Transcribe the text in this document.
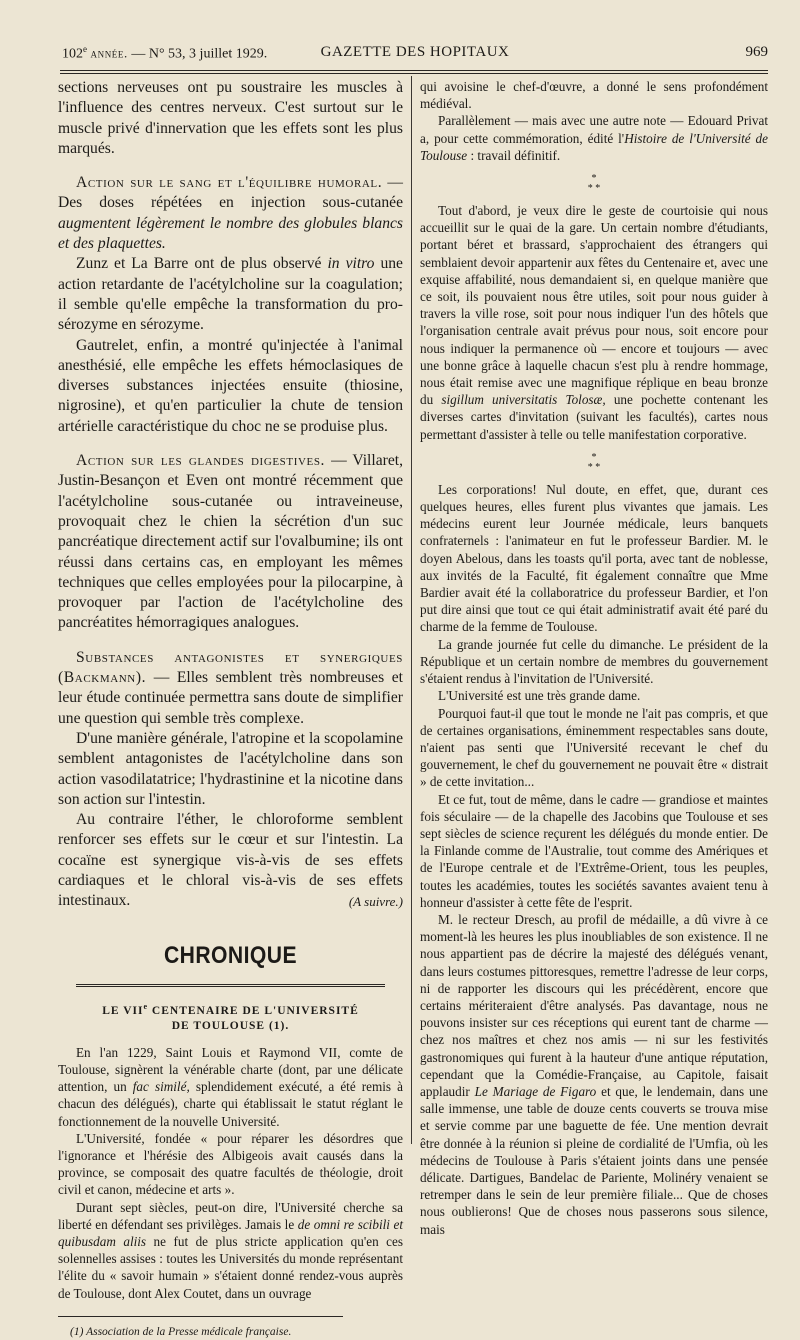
102e année. — N° 53, 3 juillet 1929.	GAZETTE DES HOPITAUX	969

sections nerveuses ont pu soustraire les muscles à l'influence des centres nerveux. C'est surtout sur le muscle privé d'innervation que les effets sont les plus marqués.

Action sur le sang et l'équilibre humoral. — Des doses répétées en injection sous-cutanée augmentent légèrement le nombre des globules blancs et des plaquettes.

Zunz et La Barre ont de plus observé in vitro une action retardante de l'acétylcholine sur la coagulation; il semble qu'elle empêche la transformation du pro-sérozyme en sérozyme.

Gautrelet, enfin, a montré qu'injectée à l'animal anesthésié, elle empêche les effets hémoclasiques de diverses substances injectées ensuite (thiosine, nigrosine), et qu'en particulier la chute de tension artérielle caractéristique du choc ne se produise plus.

Action sur les glandes digestives. — Villaret, Justin-Besançon et Even ont montré récemment que l'acétylcholine sous-cutanée ou intraveineuse, provoquait chez le chien la sécrétion d'un suc pancréatique directement actif sur l'ovalbumine; ils ont réussi dans certains cas, en employant les mêmes techniques que celles employées pour la pilocarpine, à provoquer par l'action de l'acétylcholine des pancréatites hémorragiques analogues.

Substances antagonistes et synergiques (Backmann). — Elles semblent très nombreuses et leur étude continuée permettra sans doute de simplifier une question qui semble très complexe.

D'une manière générale, l'atropine et la scopolamine semblent antagonistes de l'acétylcholine dans son action vasodilatatrice; l'hydrastinine et la nicotine dans son action sur l'intestin.

Au contraire l'éther, le chloroforme semblent renforcer ses effets sur le cœur et sur l'intestin. La cocaïne est synergique vis-à-vis de ses effets cardiaques et le chloral vis-à-vis de ses effets intestinaux.	(A suivre.)

CHRONIQUE
LE VIIe CENTENAIRE DE L'UNIVERSITÉ
DE TOULOUSE (1).

En l'an 1229, Saint Louis et Raymond VII, comte de Toulouse, signèrent la vénérable charte (dont, par une délicate attention, un fac similé, splendidement exécuté, a été remis à chacun des délégués), charte qui établissait le statut réglant le fonctionnement de la nouvelle Université.

L'Université, fondée « pour réparer les désordres que l'ignorance et l'hérésie des Albigeois avait causés dans la province, se composait des quatre facultés de théologie, droit civil et canon, médecine et arts ».

Durant sept siècles, peut-on dire, l'Université cherche sa liberté en défendant ses privilèges. Jamais le de omni re scibili et quibusdam aliis ne fut de plus stricte application qu'en ces solennelles assises : toutes les Universités du monde représentant l'élite du « savoir humain » s'étaient donné rendez-vous auprès de Toulouse, dont Alex Coutet, dans un ouvrage

(1) Association de la Presse médicale française.

qui avoisine le chef-d'œuvre, a donné le sens profondément médiéval.

Parallèlement — mais avec une autre note — Edouard Privat a, pour cette commémoration, édité l'Histoire de l'Université de Toulouse : travail définitif.

*
* *

Tout d'abord, je veux dire le geste de courtoisie qui nous accueillit sur le quai de la gare. Un certain nombre d'étudiants, portant béret et brassard, s'approchaient des étrangers qui semblaient devoir appartenir aux fêtes du Centenaire et, avec une exquise affabilité, nous demandaient si, en quelque manière que ce soit, ils pouvaient nous être utiles, soit pour nous guider à travers la ville rose, soit pour nous indiquer l'un des hôtels que l'organisation centrale avait prévus pour nous, soit encore pour nous indiquer la permanence où — encore et toujours — avec une bonne grâce à laquelle chacun s'est plu à rendre hommage, nous était remise avec une magnifique réplique en beau bronze du sigillum universitatis Tolosæ, une pochette contenant les diverses cartes d'invitation (suivant les facultés), cartes nous permettant d'assister à telle ou telle manifestation corporative.

*
* *

Les corporations! Nul doute, en effet, que, durant ces quelques heures, elles furent plus vivantes que jamais. Les médecins eurent leur Journée médicale, leurs banquets confraternels : l'animateur en fut le professeur Bardier. M. le doyen Abelous, dans les toasts qu'il porta, avec tant de noblesse, aux invités de la Faculté, fit également connaître que Mme Bardier avait été la collaboratrice du professeur Bardier, et l'on put dire ainsi que tout ce qui était administratif avait été paré du charme de la femme de Toulouse.

La grande journée fut celle du dimanche. Le président de la République et un certain nombre de membres du gouvernement s'étaient rendus à l'invitation de l'Université.

L'Université est une très grande dame.

Pourquoi faut-il que tout le monde ne l'ait pas compris, et que de certaines organisations, éminemment respectables sans doute, n'aient pas senti que l'Université recevant le chef du gouvernement, le chef du gouvernement ne pouvait être « distrait » de cette invitation...

Et ce fut, tout de même, dans le cadre — grandiose et maintes fois séculaire — de la chapelle des Jacobins que Toulouse et ses sept siècles de science reçurent les délégués du monde entier. De la Finlande comme de l'Australie, tout comme des Amériques et de l'Europe centrale et de l'Extrême-Orient, tous les peuples, toutes les académies, toutes les sociétés savantes avaient tenu à honneur d'assister à cette fête de l'esprit.

M. le recteur Dresch, au profil de médaille, a dû vivre à ce moment-là les heures les plus inoubliables de son existence. Il ne nous appartient pas de décrire la majesté des délégués venant, dans leurs costumes pittoresques, remettre l'adresse de leur corps, ni de rapporter les discours qui les précédèrent, encore que certains mériteraient d'être analysés. Pas davantage, nous ne pouvons insister sur ces réceptions qui eurent tant de charme — chez nos maîtres et chez nos amis — ni sur les festivités gastronomiques qui furent à la hauteur d'une antique réputation, cependant que la Comédie-Française, au Capitole, faisait applaudir Le Mariage de Figaro et que, le lendemain, dans une salle immense, une table de douze cents couverts se trouva mise et servie comme par une baguette de fée. Une mention devrait être donnée à la réunion si pleine de cordialité de l'Umfia, où les médecins de Toulouse à Paris s'étaient joints dans une pensée délicate. Dartigues, Bandelac de Pariente, Molinéry venaient se retremper dans le sein de leur première filiale... Que de choses nous oublierons! Que de choses nous passerons sous silence, mais
